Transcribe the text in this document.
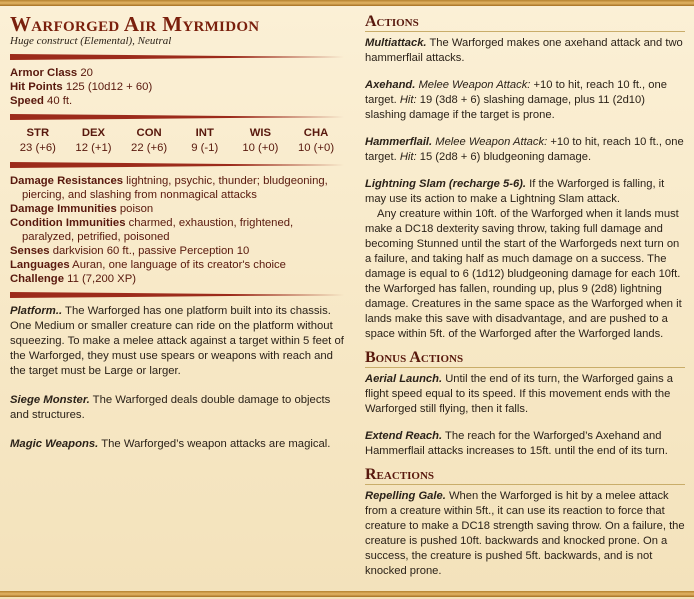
Warforged Air Myrmidon
Huge construct (Elemental), Neutral
Armor Class 20
Hit Points 125 (10d12 + 60)
Speed 40 ft.
STR
23 (+6)
DEX
12 (+1)
CON
22 (+6)
INT
9 (-1)
WIS
10 (+0)
CHA
10 (+0)
Damage Resistances lightning, psychic, thunder; bludgeoning, piercing, and slashing from nonmagical attacks
Damage Immunities poison
Condition Immunities charmed, exhaustion, frightened, paralyzed, petrified, poisoned
Senses darkvision 60 ft., passive Perception 10
Languages Auran, one language of its creator's choice
Challenge 11 (7,200 XP)

Platform.. The Warforged has one platform built into its chassis. One Medium or smaller creature can ride on the platform without squeezing. To make a melee attack against a target within 5 feet of the Warforged, they must use spears or weapons with reach and the target must be Large or larger.

Siege Monster. The Warforged deals double damage to objects and structures.

Magic Weapons. The Warforged’s weapon attacks are magical.

Actions

Multiattack. The Warforged makes one axehand attack and two hammerflail attacks.

Axehand. Melee Weapon Attack: +10 to hit, reach 10 ft., one target. Hit: 19 (3d8 + 6) slashing damage, plus 11 (2d10) slashing damage if the target is prone.

Hammerflail. Melee Weapon Attack: +10 to hit, reach 10 ft., one target. Hit: 15 (2d8 + 6) bludgeoning damage.

Lightning Slam (recharge 5-6). If the Warforged is falling, it may use its action to make a Lightning Slam attack.

Any creature within 10ft. of the Warforged when it lands must make a DC18 dexterity saving throw, taking full damage and becoming Stunned until the start of the Warforgeds next turn on a failure, and taking half as much damage on a success. The damage is equal to 6 (1d12) bludgeoning damage for each 10ft. the Warforged has fallen, rounding up, plus 9 (2d8) lightning damage. Creatures in the same space as the Warforged when it lands make this save with disadvantage, and are pushed to a space within 5ft. of the Warforged after the Warforged lands.

Bonus Actions

Aerial Launch. Until the end of its turn, the Warforged gains a flight speed equal to its speed. If this movement ends with the Warforged still flying, then it falls.

Extend Reach. The reach for the Warforged’s Axehand and Hammerflail attacks increases to 15ft. until the end of its turn.

Reactions

Repelling Gale. When the Warforged is hit by a melee attack from a creature within 5ft., it can use its reaction to force that creature to make a DC18 strength saving throw. On a failure, the creature is pushed 10ft. backwards and knocked prone. On a success, the creature is pushed 5ft. backwards, and is not knocked prone.
